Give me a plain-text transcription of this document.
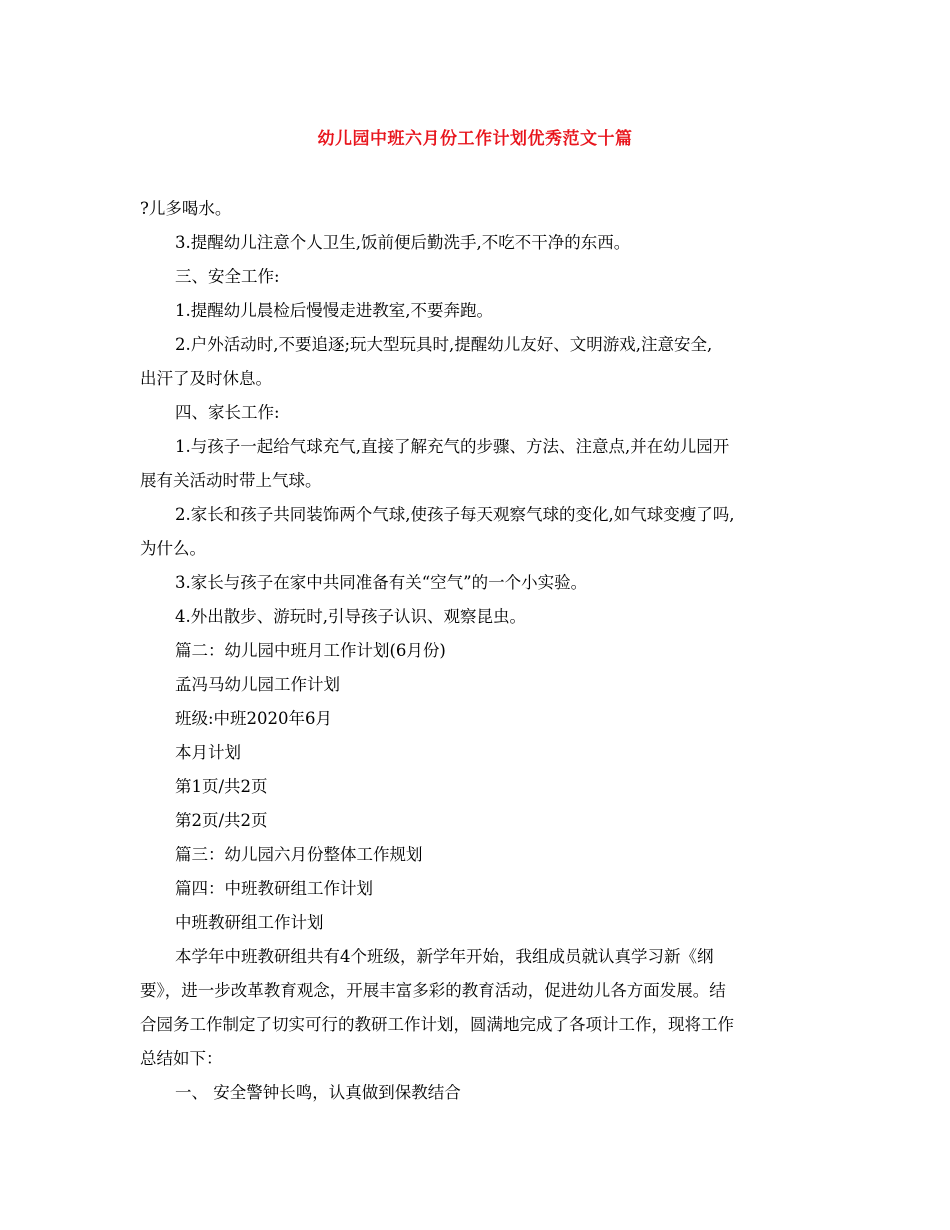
幼儿园中班六月份工作计划优秀范文十篇
?儿多喝水。
3.提醒幼儿注意个人卫生,饭前便后勤洗手,不吃不干净的东西。
三、安全工作:
1.提醒幼儿晨检后慢慢走进教室,不要奔跑。
2.户外活动时,不要追逐;玩大型玩具时,提醒幼儿友好、文明游戏,注意安全,
出汗了及时休息。
四、家长工作:
1.与孩子一起给气球充气,直接了解充气的步骤、方法、注意点,并在幼儿园开
展有关活动时带上气球。
2.家长和孩子共同装饰两个气球,使孩子每天观察气球的变化,如气球变瘦了吗,
为什么。
3.家长与孩子在家中共同准备有关“空气”的一个小实验。
4.外出散步、游玩时,引导孩子认识、观察昆虫。
篇二：幼儿园中班月工作计划(6月份)
孟冯马幼儿园工作计划
班级:中班2020年6月
本月计划
第1页/共2页
第2页/共2页
篇三：幼儿园六月份整体工作规划
篇四：中班教研组工作计划
中班教研组工作计划
本学年中班教研组共有4个班级，新学年开始，我组成员就认真学习新《纲
要》，进一步改革教育观念，开展丰富多彩的教育活动，促进幼儿各方面发展。结
合园务工作制定了切实可行的教研工作计划，圆满地完成了各项计工作，现将工作
总结如下：
一、 安全警钟长鸣，认真做到保教结合
